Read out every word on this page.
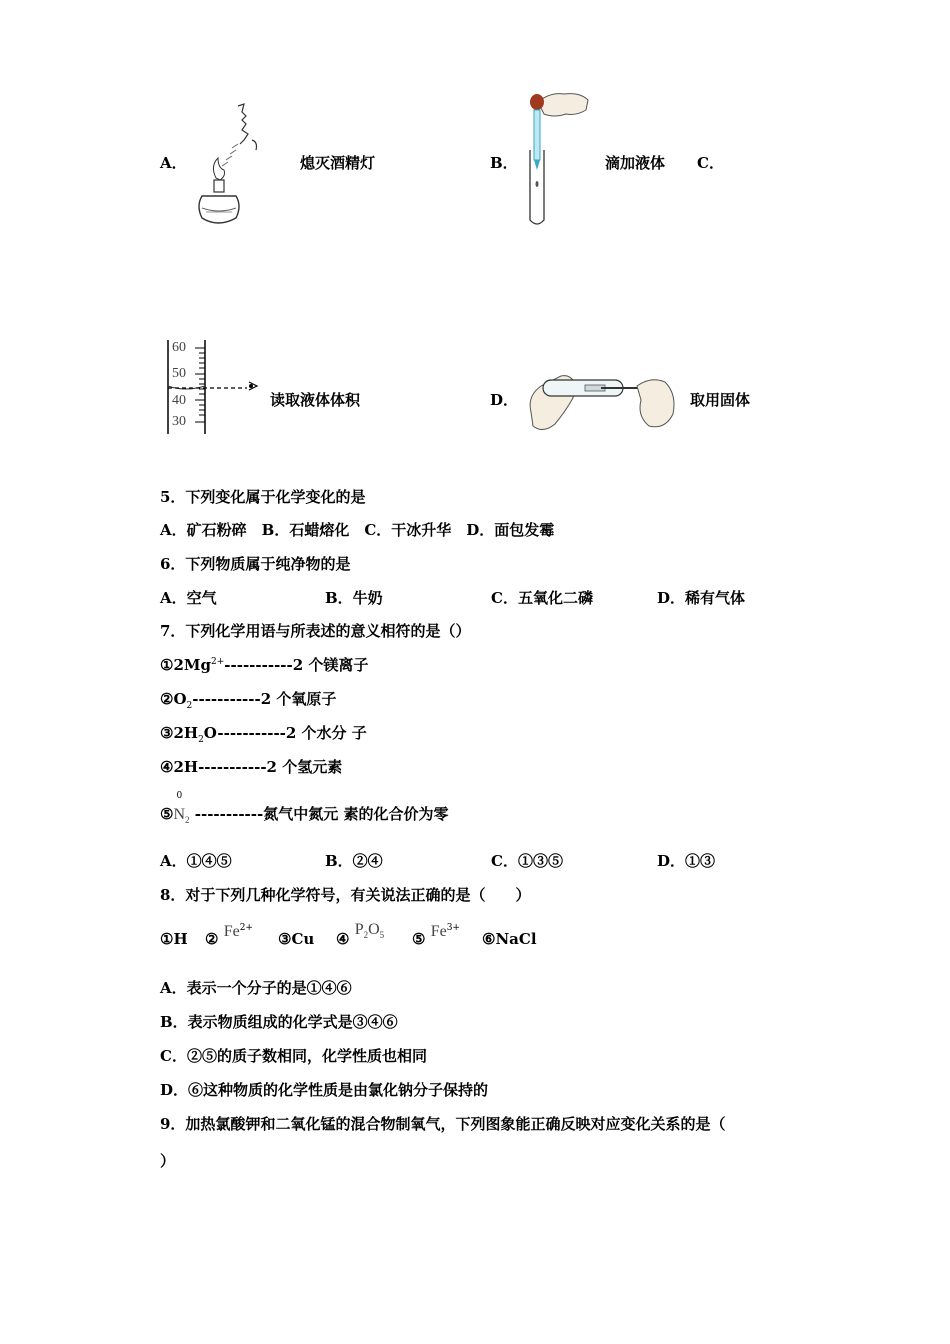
A．	熄灭酒精灯	B．	滴加液体 C．
60
50
40
30
读取液体体积	D．	取用固体
5．下列变化属于化学变化的是
A．矿石粉碎　B．石蜡熔化　C．干冰升华　D．面包发霉
6．下列物质属于纯净物的是
A．空气	B．牛奶	C．五氧化二磷	D．稀有气体
7．下列化学用语与所表述的意义相符的是（）
$①2Mg^{2+}-----------2$ 个镁离子
$②O_2-----------2$ 个氧原子
$③2H_2O-----------2$ 个水分 子
④2H-----------2 个氢元素
⑤
0
$N_2$ -----------氮气中氮元 素的化合价为零
A．①④⑤	B．②④	C．①③⑤	D．①③
8．对于下列几种化学符号，有关说法正确的是（　　）
①H ② $Fe^{2+}$
③Cu ④ $P_2O_5$ ⑤ $Fe^{3+}$
⑥NaCl
A．表示一个分子的是①④⑥
B．表示物质组成的化学式是③④⑥
C．②⑤的质子数相同，化学性质也相同
D．⑥这种物质的化学性质是由氯化钠分子保持的
9．加热氯酸钾和二氧化锰的混合物制氧气，下列图象能正确反映对应变化关系的是（
）
